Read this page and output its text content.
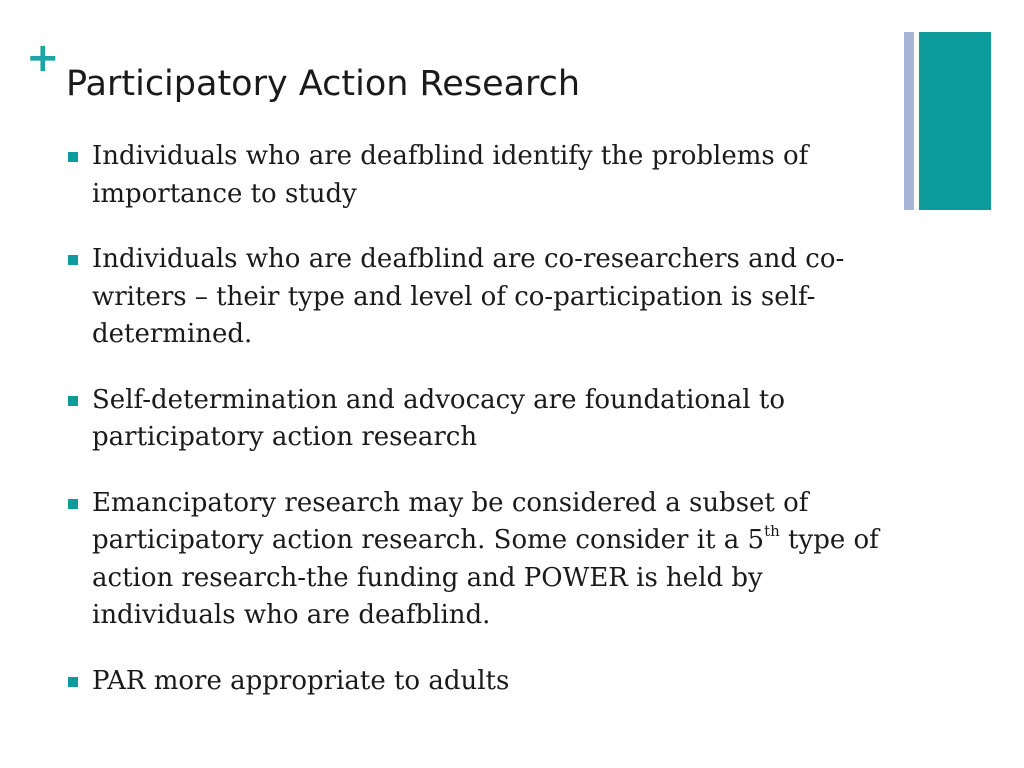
+
Participatory Action Research
Individuals who are deafblind identify the problems of importance to study
Individuals who are deafblind are co-researchers and co-writers – their type and level of co-participation is self-determined.
Self-determination and advocacy are foundational to participatory action research
Emancipatory research may be considered a subset of participatory action research. Some consider it a 5th type of action research-the funding and POWER is held by individuals who are deafblind.
PAR more appropriate to adults
